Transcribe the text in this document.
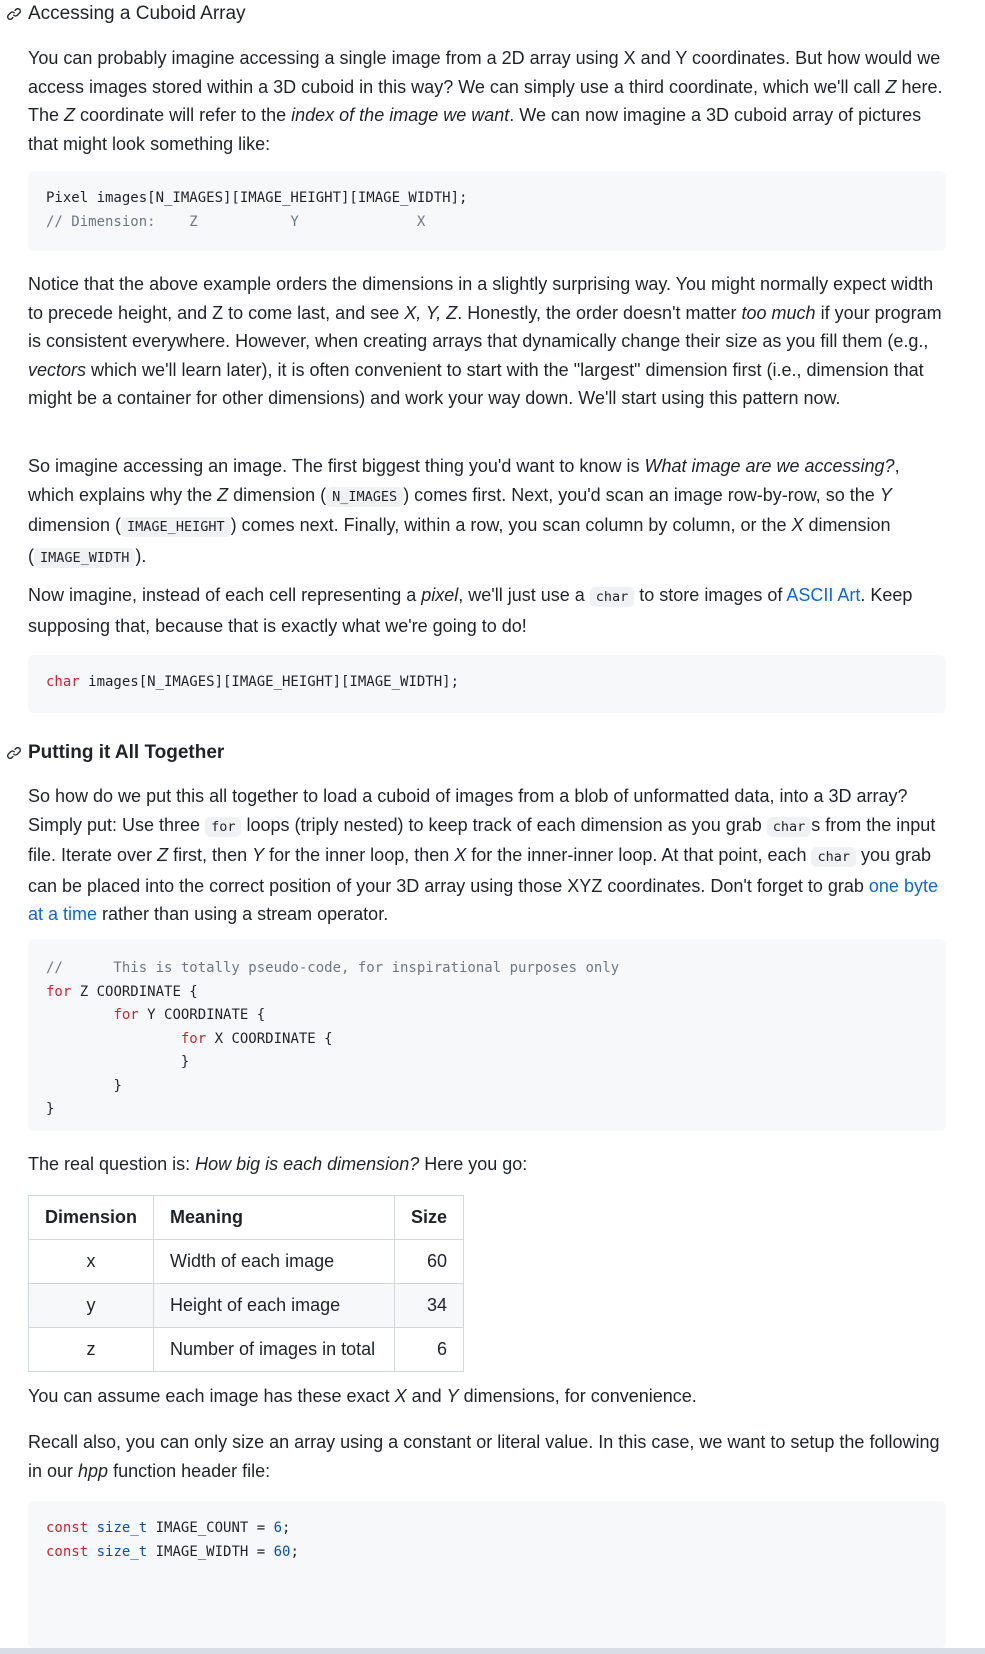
Accessing a Cuboid Array
You can probably imagine accessing a single image from a 2D array using X and Y coordinates. But how would we access images stored within a 3D cuboid in this way? We can simply use a third coordinate, which we'll call Z here. The Z coordinate will refer to the index of the image we want. We can now imagine a 3D cuboid array of pictures that might look something like:
Pixel images[N_IMAGES][IMAGE_HEIGHT][IMAGE_WIDTH];
// Dimension:    Z           Y              X
Notice that the above example orders the dimensions in a slightly surprising way. You might normally expect width to precede height, and Z to come last, and see X, Y, Z. Honestly, the order doesn't matter too much if your program is consistent everywhere. However, when creating arrays that dynamically change their size as you fill them (e.g., vectors which we'll learn later), it is often convenient to start with the "largest" dimension first (i.e., dimension that might be a container for other dimensions) and work your way down. We'll start using this pattern now.
So imagine accessing an image. The first biggest thing you'd want to know is What image are we accessing?, which explains why the Z dimension ( N_IMAGES ) comes first. Next, you'd scan an image row-by-row, so the Y dimension ( IMAGE_HEIGHT ) comes next. Finally, within a row, you scan column by column, or the X dimension ( IMAGE_WIDTH ).
Now imagine, instead of each cell representing a pixel, we'll just use a char to store images of ASCII Art. Keep supposing that, because that is exactly what we're going to do!
char images[N_IMAGES][IMAGE_HEIGHT][IMAGE_WIDTH];
Putting it All Together
So how do we put this all together to load a cuboid of images from a blob of unformatted data, into a 3D array? Simply put: Use three for loops (triply nested) to keep track of each dimension as you grab char s from the input file. Iterate over Z first, then Y for the inner loop, then X for the inner-inner loop. At that point, each char you grab can be placed into the correct position of your 3D array using those XYZ coordinates. Don't forget to grab one byte at a time rather than using a stream operator.
//      This is totally pseudo-code, for inspirational purposes only
for Z COORDINATE {
for Y COORDINATE {
for X COORDINATE {
}
}
}
The real question is: How big is each dimension? Here you go:
Dimension	Meaning	Size
x	Width of each image	60
y	Height of each image	34
z	Number of images in total	6
You can assume each image has these exact X and Y dimensions, for convenience.
Recall also, you can only size an array using a constant or literal value. In this case, we want to setup the following in our hpp function header file:
const size_t IMAGE_COUNT = 6;
const size_t IMAGE_WIDTH = 60;
